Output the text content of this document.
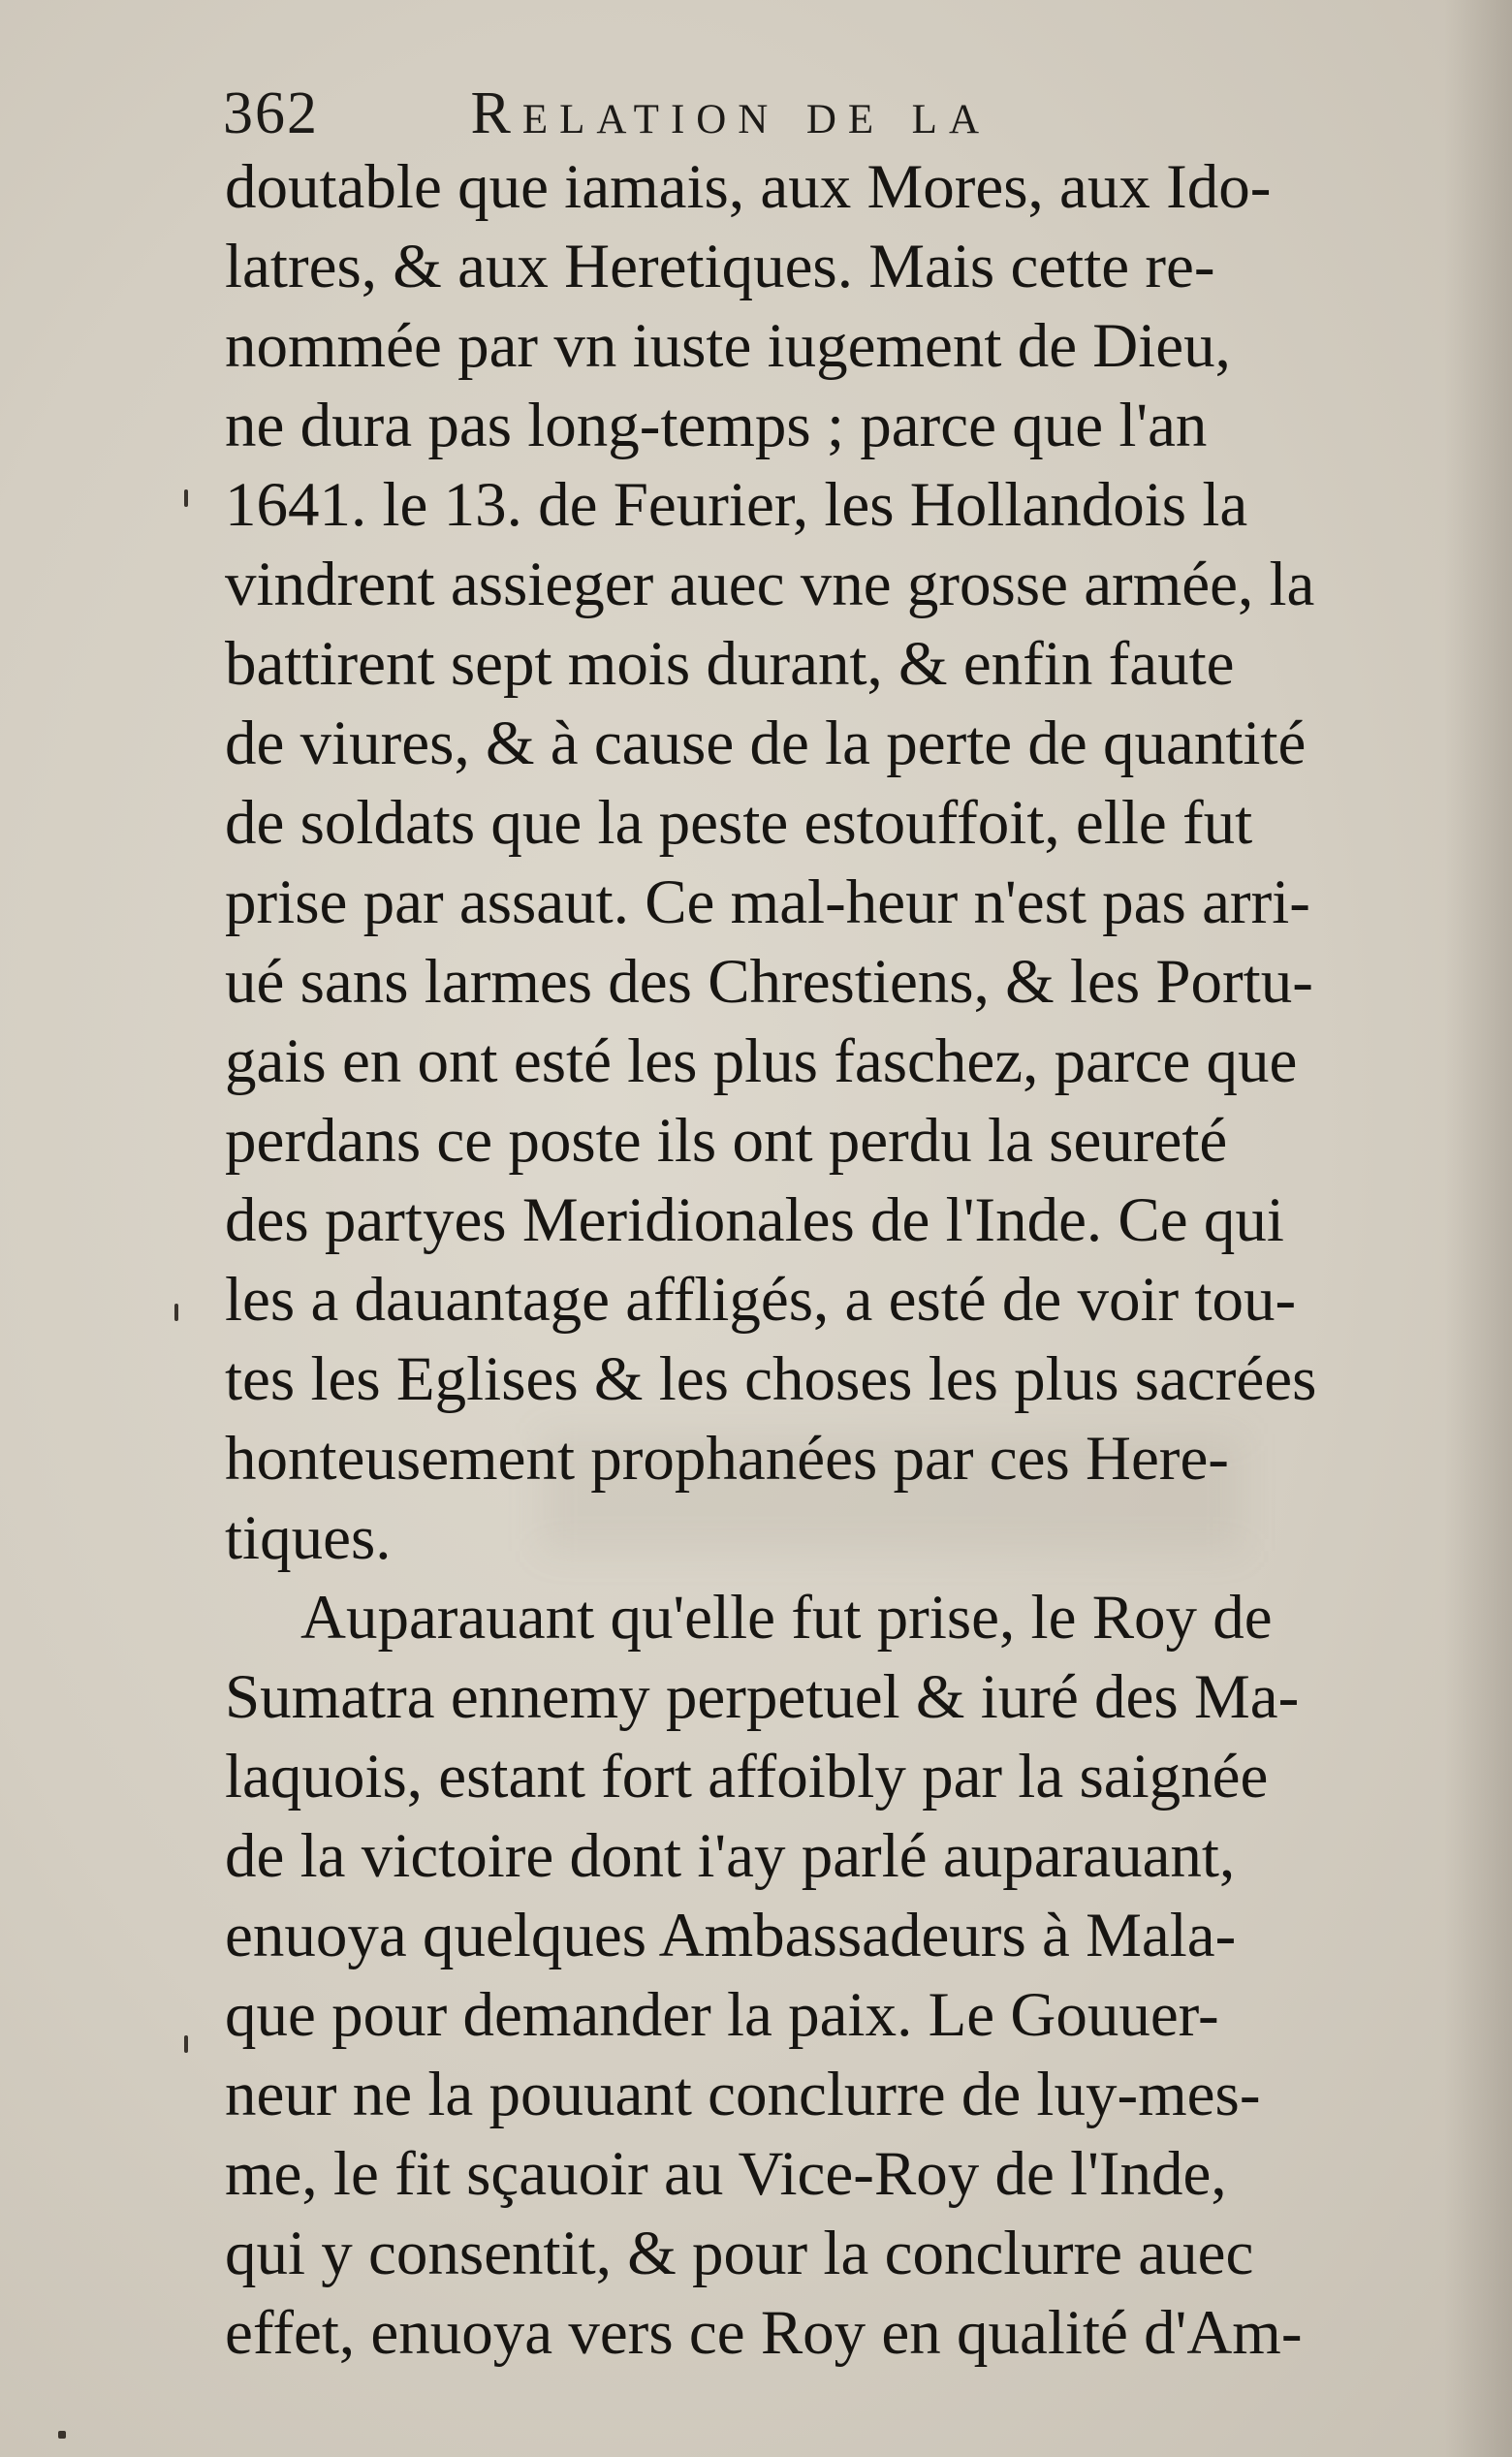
362	Relation de la
doutable que iamais, aux Mores, aux Ido-
latres, & aux Heretiques. Mais cette re-
nommée par vn iuste iugement de Dieu,
ne dura pas long-temps ; parce que l'an
1641. le 13. de Feurier, les Hollandois la
vindrent assieger auec vne grosse armée, la
battirent sept mois durant, & enfin faute
de viures, & à cause de la perte de quantité
de soldats que la peste estouffoit, elle fut
prise par assaut. Ce mal-heur n'est pas arri-
ué sans larmes des Chrestiens, & les Portu-
gais en ont esté les plus faschez, parce que
perdans ce poste ils ont perdu la seureté
des partyes Meridionales de l'Inde. Ce qui
les a dauantage affligés, a esté de voir tou-
tes les Eglises & les choses les plus sacrées
honteusement prophanées par ces Here-
tiques.
Auparauant qu'elle fut prise, le Roy de
Sumatra ennemy perpetuel & iuré des Ma-
laquois, estant fort affoibly par la saignée
de la victoire dont i'ay parlé auparauant,
enuoya quelques Ambassadeurs à Mala-
que pour demander la paix. Le Gouuer-
neur ne la pouuant conclurre de luy-mes-
me, le fit sçauoir au Vice-Roy de l'Inde,
qui y consentit, & pour la conclurre auec
effet, enuoya vers ce Roy en qualité d'Am-
